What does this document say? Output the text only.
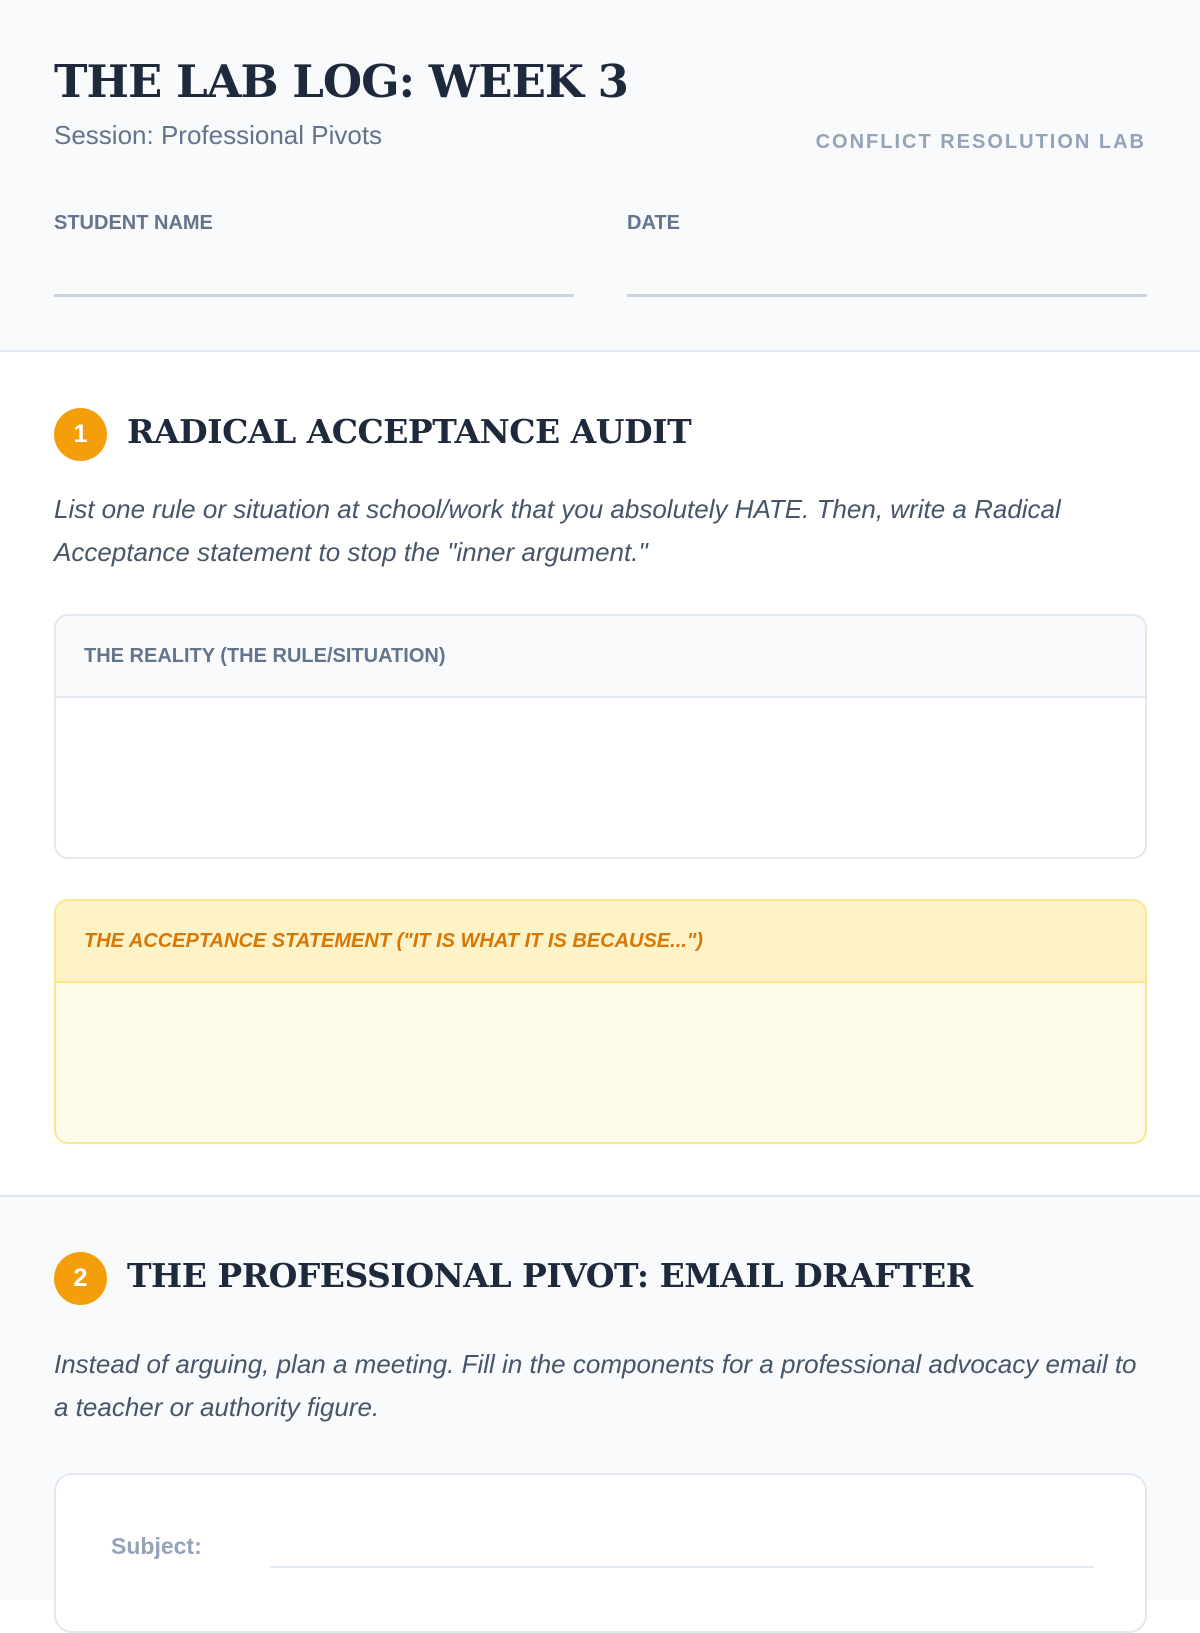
THE LAB LOG: WEEK 3
Session: Professional Pivots	CONFLICT RESOLUTION LAB
STUDENT NAME	DATE
1	RADICAL ACCEPTANCE AUDIT

List one rule or situation at school/work that you absolutely HATE. Then, write a Radical Acceptance statement to stop the "inner argument."

THE REALITY (THE RULE/SITUATION)
THE ACCEPTANCE STATEMENT ("IT IS WHAT IT IS BECAUSE...")
2	THE PROFESSIONAL PIVOT: EMAIL DRAFTER

Instead of arguing, plan a meeting. Fill in the components for a professional advocacy email to a teacher or authority figure.

Subject:
